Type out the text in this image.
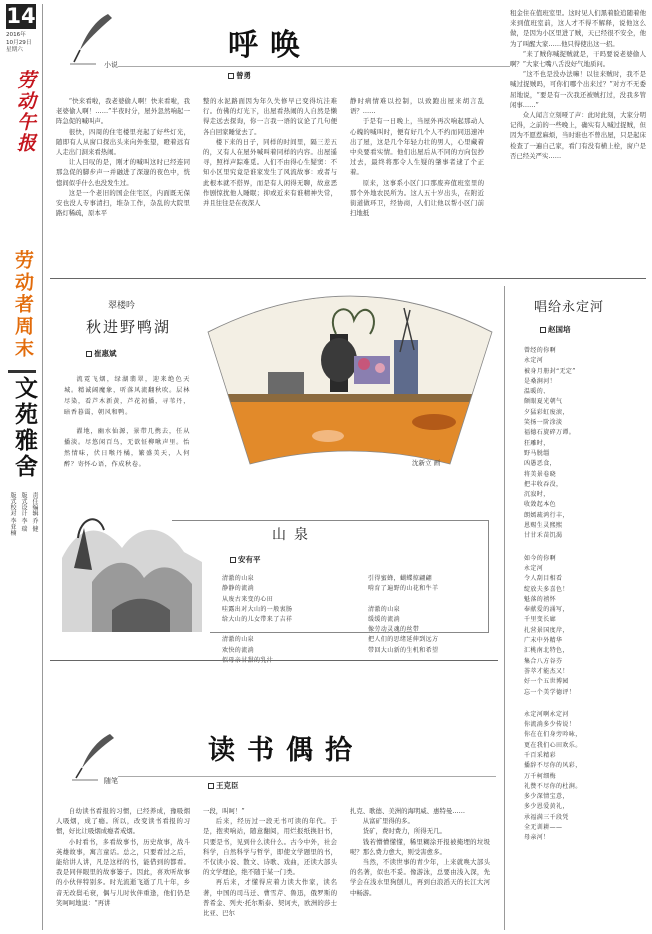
14
2016年
10月29日
星期六
劳动午报
劳动者周末
文苑雅舍
责任编辑 乔 健
版式设计 李 瑞
版式校对 李亚楠
小说
呼唤
曾勇

“快来看啦，我老婆偷人啊！快来看啦，我老婆偷人啊！……”半夜时分，屋外忽然响起一阵急促的喊叫声。

很快，四周的住宅楼里亮起了好些灯光，随即有人从窗口探出头来向外张望，瞪着远有人走出门洞来看热闹。

让人目叹的是，刚才的喊叫这时已经连同那急促的脚步声一并融进了深邃的夜色中，恍惚间似乎什么也没发生过。

这是一个老旧的国企住宅区，内面既无保安也没人专事清扫，堆杂工作，杂乱的大院里路灯稀疏，原本平

整的水泥路面因为年久失修早已变得坑洼难行。仿佛的灯光下，出屋看热闹的人自然是懒得走远去探询，你一言我一语的议论了几句便各自回家睡觉去了。

楼下来的日子，同样的时间里，隔三差五的，又有人在屋外喊叫着同样的内容。出屋遥寻，照样声踪难觅。人们不由得心生疑窦：不知小区里究竟是谁家发生了风流故事：或者与此根本就不搭界，而是有人闲得无聊，故意恶作剧惊扰他人睡眠；抑或近来有谁精神失常，并且往往是在夜深人

静时病情难以控制，以致跑出屋来胡言乱语？……

于是有一日晚上，当屋外再次响起那动人心魄的喊叫时，便有好几个人不约而同迅速冲出了屋，这是几个年轻力壮的男人，心里藏着中央要看实情。他们出屋后从不同的方向包抄过去，最终将那令人生疑的肇事者逮了个正着。

原来，这事系小区门口那废弃值班室里的那个外地农民所为。这人五十岁出头，在附近街道做环卫，经协商，人们让他以帮小区门前扫地抵

租金住在值班室里。这时见人们黑着脸追随着他来到值班室前，这人才不得不解释，说他这么做，是因为小区里进了贼，天已经很不安全，他为了叫醒大家……他只得使出这一招。

“来了贼你喊捉贼就是，干吗要说老婆偷人啊？”大家七嘴八舌没好气地质问。

“这不也是没办法嘛！以往来贼时，我不是喊过捉贼吗，可你们哪个出来过？”对方不无委屈地说，“要是有一次我还被贼打过，没我多管闲事……”

众人闻言立刻哑了声：此时此刻，大家分明记得，之前的一些晚上，确实有人喊过捉贼，但因为不愿惹麻烦，当时谁也不曾出屋，只是起床检查了一遍自己家，看门有没有横上栓，窗户是否已经关严实……

翠楼吟
秋进野鸭湖
崔惠斌

流霓飞烟，绿湖翡翠，迎来绝色天城。精诚阔魔象，听落风流翻秋吹。层林尽染，看芦木新黄，芦花初播，寻苇丹，暗香暮霭，朝风和鸭。

濯地，幽水仙源，景带几携去，任从播淡。尽悠闲百鸟，无欲怔柳啾声里。怡然情味，伏日喉丹橘，繁盛美天，人何醉？寄怀心语，作成秋卷。	沈新立 画
山泉
安有平
清澈的山泉
静静的流淌
从废古来变的心田
哇露出对大山的一般衷肠
给大山的儿女带来了吉祥
清澈的山泉
欢快的流淌
引得蜜蜂，蝴蝶掠翩翩
啃育了遍野的山花和牛羊
清澈的山泉
缓缓的流淌
像劳动灵魂的丝带
把人们的思绪延伸到远方
带回大山新的生机和希望
唱给永定河
赵国培
曾经的你啊
永定河
被身月册封“无定”
是桑涧河！
温暖的、
颇眼夏光朝气
夕猛彩虹废滚，
笑扬一阶涂淡
福德石旋碎万谭。
狂雕时，
野马脱缰
凶愚恶食，
将美景卷晓
把丰收吞没，
沉寂时，
收敛起本色
朗嫣疏鸿行丰，
恩赐生灵熙熙
甘甘禾苗饥渴
如今的你啊
永定河
令人刮目相看
绽放夫多喜色！
魁落的禧怀
奉献爱的涌写，
千里变长廊
扎营景国度岸，
广末中外精华
汇桃南北特色，
集合八方谷芬
荟萃才能杰又！
好一个五世博园
忘一个美学德评！
永定河啊永定河
你流淌多少传说！
你在在们身旁吟咏，
更在我们心田欢乐。
千百采精彩
播辞不尽你的风彩，
万千柯细梅
礼赞不尽你的杜涧。
多少深情宝意，
多少恩爱黄礼，
承福满三千段凭
全无训耕——
母亲河！
随笔
读书偶拾
王克臣

自幼读书看报的习惯，已经养成，豫吸烟人吸烟，成了瘾。所以，改变读书看报的习惯，好比让吸烟成瘾者戒烟。

小时看书，多看故事书，历史故事，战斗英雄故事，寓言童话。总之，只要看过之后，能给讲人讲，凡是这样的书，能借到的都看。我是同伴眼里的故事篓子。因此，喜欢听故事的小伙伴特别多。时光流逝飞逝了几十年，乡音无改鬓毛衰，偶与儿时伙伴重逢，他们仍是笑呵呵地说：“再讲

一段，叫呵！”

后来，经历过一段无书可读的年代。于是，抱卖响站，随意翻阅，用烂报纸换旧书，只要是书，见到什么读什么。古今中外，社会科学，自然科学与哲学，即使文学题里的书，不仅读小说、散文、诗歌、戏曲，还读大部头的文学理论，绝不随于某一门类。

再后来，才懂得应着力读大作家，读名著，中国的司马迁、曹雪芹、鲁迅，俄罗斯的普希金、列夫·托尔斯泰、契诃夫，欧洲的莎士比亚、巴尔

扎克、歌德、美洲的海明威、惠特曼……

从富矿里得的多。

货矿，费时费力，所得无几。

钱若懵懵懂懂，稀里糊涂开报被掩埋的垃圾呢？那么费力愈大，则受害愈多。

当然，不读世事的青少年，上来就唤大部头的名著，似也不妥。像游泳，总要由浅入深，先学会在浅水里狗刨儿，再到白浪滔天的长江大河中畅游。
